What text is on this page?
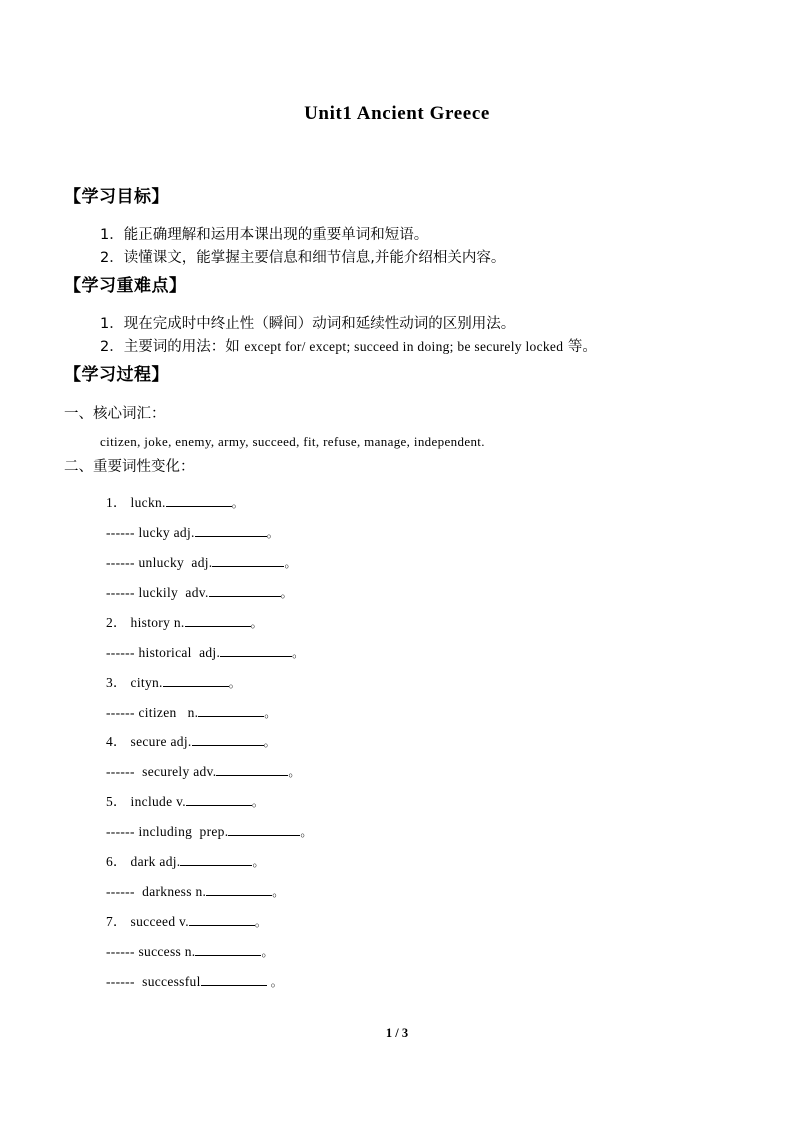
Unit1 Ancient Greece
【学习目标】
1．能正确理解和运用本课出现的重要单词和短语。
2．读懂课文，能掌握主要信息和细节信息,并能介绍相关内容。
【学习重难点】
1．现在完成时中终止性（瞬间）动词和延续性动词的区别用法。
2．主要词的用法：如 except for/ except; succeed in doing; be securely locked 等。
【学习过程】
一、核心词汇：
citizen, joke, enemy, army, succeed, fit, refuse, manage, independent.
二、重要词性变化：
1． luckn.	。
------ lucky adj.	。
------ unlucky  adj.	。
------ luckily  adv.	。
2． history n.	。
------ historical  adj.	。
3． cityn.	。
------ citizen   n.	。
4． secure adj.	。
------  securely adv.	。
5． include v.	。
------ including  prep.	。
6． dark adj.	。
------  darkness n.	。
7． succeed v.	。
------ success n.	。
------  successful	。
1 / 3
